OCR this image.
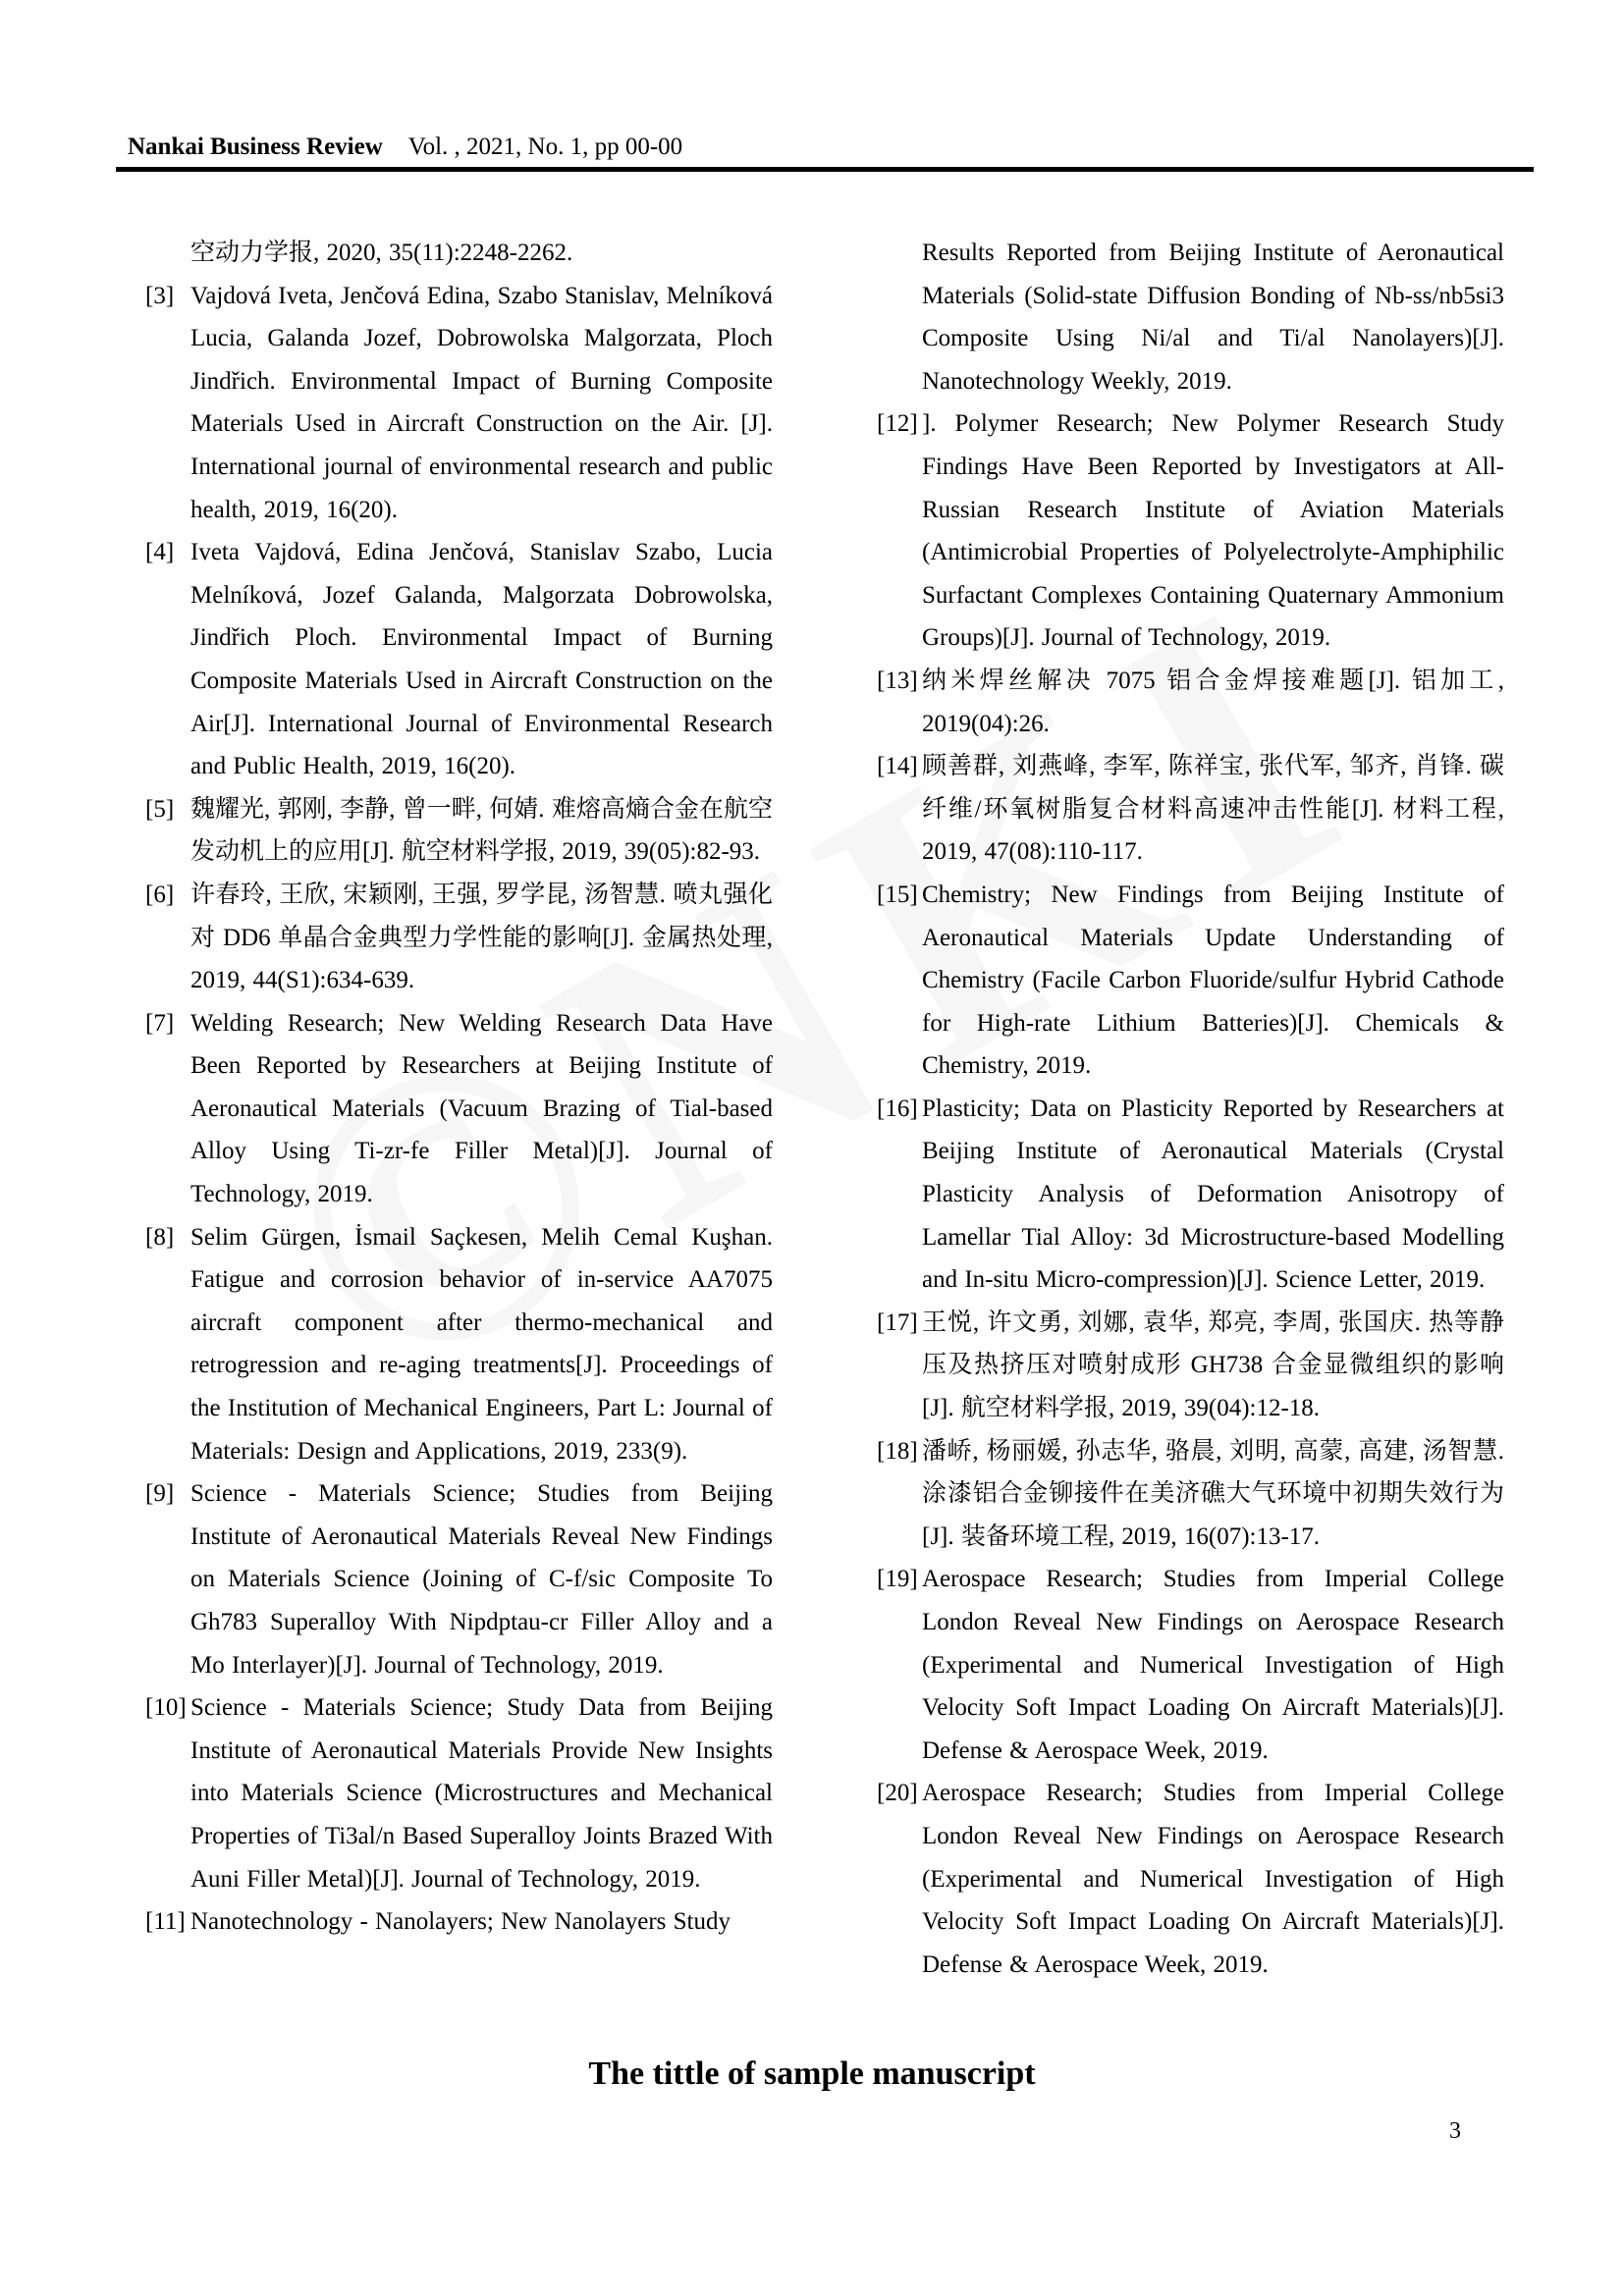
Nankai Business Review Vol. , 2021, No. 1, pp 00-00
空动力学报, 2020, 35(11):2248-2262.
[3] Vajdová Iveta, Jenčová Edina, Szabo Stanislav, Melníková Lucia, Galanda Jozef, Dobrowolska Malgorzata, Ploch Jindřich. Environmental Impact of Burning Composite Materials Used in Aircraft Construction on the Air. [J]. International journal of environmental research and public health, 2019, 16(20).
[4] Iveta Vajdová, Edina Jenčová, Stanislav Szabo, Lucia Melníková, Jozef Galanda, Malgorzata Dobrowolska, Jindřich Ploch. Environmental Impact of Burning Composite Materials Used in Aircraft Construction on the Air[J]. International Journal of Environmental Research and Public Health, 2019, 16(20).
[5] 魏耀光, 郭刚, 李静, 曾一畔, 何婧. 难熔高熵合金在航空发动机上的应用[J]. 航空材料学报, 2019, 39(05):82-93.
[6] 许春玲, 王欣, 宋颖刚, 王强, 罗学昆, 汤智慧. 喷丸强化对 DD6 单晶合金典型力学性能的影响[J]. 金属热处理, 2019, 44(S1):634-639.
[7] Welding Research; New Welding Research Data Have Been Reported by Researchers at Beijing Institute of Aeronautical Materials (Vacuum Brazing of Tial-based Alloy Using Ti-zr-fe Filler Metal)[J]. Journal of Technology, 2019.
[8] Selim Gürgen, İsmail Saçkesen, Melih Cemal Kuşhan. Fatigue and corrosion behavior of in-service AA7075 aircraft component after thermo-mechanical and retrogression and re-aging treatments[J]. Proceedings of the Institution of Mechanical Engineers, Part L: Journal of Materials: Design and Applications, 2019, 233(9).
[9] Science - Materials Science; Studies from Beijing Institute of Aeronautical Materials Reveal New Findings on Materials Science (Joining of C-f/sic Composite To Gh783 Superalloy With Nipdptau-cr Filler Alloy and a Mo Interlayer)[J]. Journal of Technology, 2019.
[10] Science - Materials Science; Study Data from Beijing Institute of Aeronautical Materials Provide New Insights into Materials Science (Microstructures and Mechanical Properties of Ti3al/n Based Superalloy Joints Brazed With Auni Filler Metal)[J]. Journal of Technology, 2019.
[11] Nanotechnology - Nanolayers; New Nanolayers Study
Results Reported from Beijing Institute of Aeronautical Materials (Solid-state Diffusion Bonding of Nb-ss/nb5si3 Composite Using Ni/al and Ti/al Nanolayers)[J]. Nanotechnology Weekly, 2019.
[12] ]. Polymer Research; New Polymer Research Study Findings Have Been Reported by Investigators at All-Russian Research Institute of Aviation Materials (Antimicrobial Properties of Polyelectrolyte-Amphiphilic Surfactant Complexes Containing Quaternary Ammonium Groups)[J]. Journal of Technology, 2019.
[13] 纳米焊丝解决 7075 铝合金焊接难题[J]. 铝加工, 2019(04):26.
[14] 顾善群, 刘燕峰, 李军, 陈祥宝, 张代军, 邹齐, 肖锋. 碳纤维/环氧树脂复合材料高速冲击性能[J]. 材料工程, 2019, 47(08):110-117.
[15] Chemistry; New Findings from Beijing Institute of Aeronautical Materials Update Understanding of Chemistry (Facile Carbon Fluoride/sulfur Hybrid Cathode for High-rate Lithium Batteries)[J]. Chemicals & Chemistry, 2019.
[16] Plasticity; Data on Plasticity Reported by Researchers at Beijing Institute of Aeronautical Materials (Crystal Plasticity Analysis of Deformation Anisotropy of Lamellar Tial Alloy: 3d Microstructure-based Modelling and In-situ Micro-compression)[J]. Science Letter, 2019.
[17] 王悦, 许文勇, 刘娜, 袁华, 郑亮, 李周, 张国庆. 热等静压及热挤压对喷射成形 GH738 合金显微组织的影响[J]. 航空材料学报, 2019, 39(04):12-18.
[18] 潘峤, 杨丽媛, 孙志华, 骆晨, 刘明, 高蒙, 高建, 汤智慧. 涂漆铝合金铆接件在美济礁大气环境中初期失效行为[J]. 装备环境工程, 2019, 16(07):13-17.
[19] Aerospace Research; Studies from Imperial College London Reveal New Findings on Aerospace Research (Experimental and Numerical Investigation of High Velocity Soft Impact Loading On Aircraft Materials)[J]. Defense & Aerospace Week, 2019.
[20] Aerospace Research; Studies from Imperial College London Reveal New Findings on Aerospace Research (Experimental and Numerical Investigation of High Velocity Soft Impact Loading On Aircraft Materials)[J]. Defense & Aerospace Week, 2019.
The tittle of sample manuscript
3
